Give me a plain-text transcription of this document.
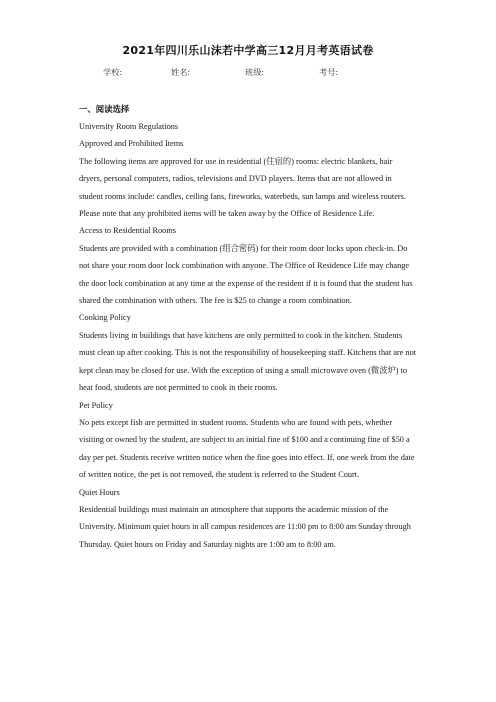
2021年四川乐山沫若中学高三12月月考英语试卷
学校:	姓名:	班级:	考号:
一、阅读选择

University Room Regulations

Approved and Prohibited Items

The following items are approved for use in residential (住宿的) rooms: electric blankets, hair dryers, personal computers, radios, televisions and DVD players. Items that are not allowed in student rooms include: candles, ceiling fans, fireworks, waterbeds, sun lamps and wireless routers. Please note that any prohibited items will be taken away by the Office of Residence Life.

Access to Residential Rooms

Students are provided with a combination (组合密码) for their room door locks upon check-in. Do not share your room door lock combination with anyone. The Office of Residence Life may change the door lock combination at any time at the expense of the resident if it is found that the student has shared the combination with others. The fee is $25 to change a room combination.

Cooking Policy

Students living in buildings that have kitchens are only permitted to cook in the kitchen. Students must clean up after cooking. This is not the responsibility of housekeeping staff. Kitchens that are not kept clean may be closed for use. With the exception of using a small microwave oven (微波炉) to heat food, students are not permitted to cook in their rooms.

Pet Policy

No pets except fish are permitted in student rooms. Students who are found with pets, whether visiting or owned by the student, are subject to an initial fine of $100 and a continuing fine of $50 a day per pet. Students receive written notice when the fine goes into effect. If, one week from the date of written notice, the pet is not removed, the student is referred to the Student Court.

Quiet Hours

Residential buildings must maintain an atmosphere that supports the academic mission of the University. Minimum quiet hours in all campus residences are 11:00 pm to 8:00 am Sunday through Thursday. Quiet hours on Friday and Saturday nights are 1:00 am to 8:00 am.
